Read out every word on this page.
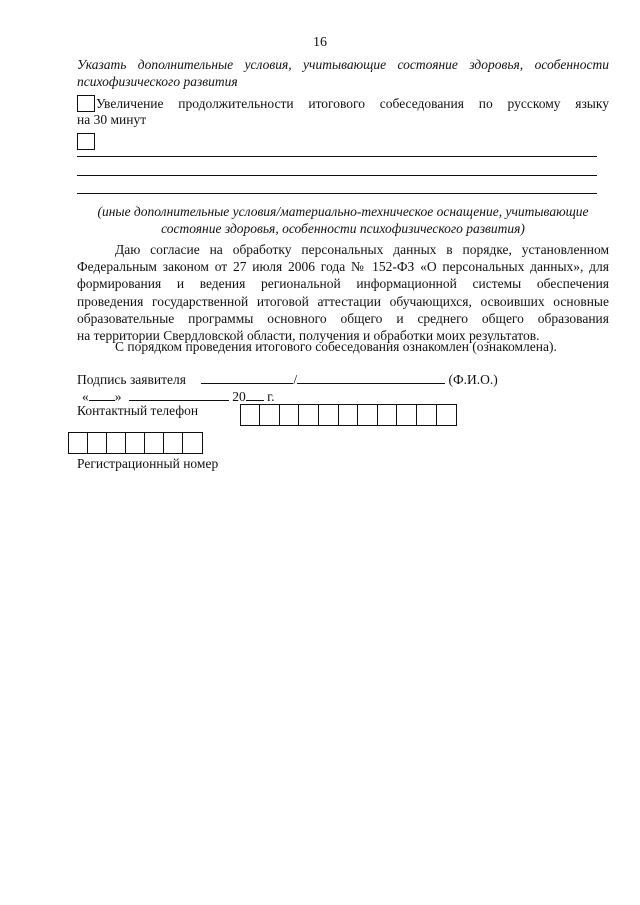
16
Указать дополнительные условия, учитывающие состояние здоровья, особенности
психофизического развития
Увеличение продолжительности итогового собеседования по русскому языку
на 30 минут
(иные дополнительные условия/материально-техническое оснащение, учитывающие
состояние здоровья, особенности психофизического развития)
Даю согласие на обработку персональных данных в порядке, установленном
Федеральным законом от 27 июля 2006 года № 152-ФЗ «О персональных данных», для
формирования и ведения региональной информационной системы обеспечения
проведения государственной итоговой аттестации обучающихся, освоивших основные
образовательные программы основного общего и среднего общего образования
на территории Свердловской области, получения и обработки моих результатов.
С порядком проведения итогового собеседования ознакомлен (ознакомлена).
Подпись заявителя	/	(Ф.И.О.)
« »	20 г.
Контактный телефон
Регистрационный номер
